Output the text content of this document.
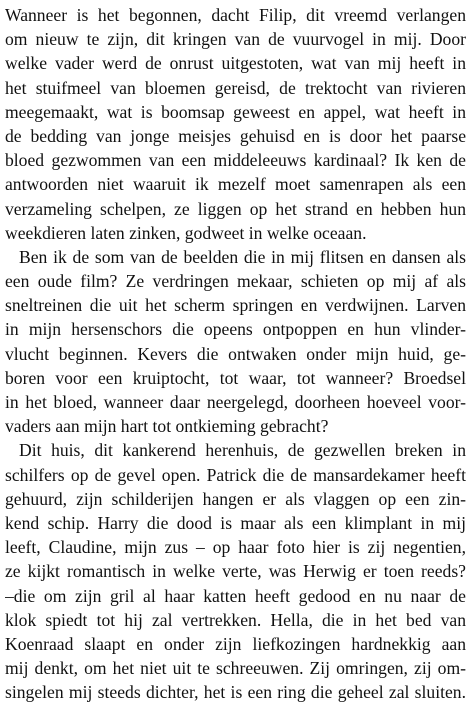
Wanneer is het begonnen, dacht Filip, dit vreemd verlangen
om nieuw te zijn, dit kringen van de vuurvogel in mij. Door
welke vader werd de onrust uitgestoten, wat van mij heeft in
het stuifmeel van bloemen gereisd, de trektocht van rivieren
meegemaakt, wat is boomsap geweest en appel, wat heeft in
de bedding van jonge meisjes gehuisd en is door het paarse
bloed gezwommen van een middeleeuws kardinaal? Ik ken de
antwoorden niet waaruit ik mezelf moet samenrapen als een
verzameling schelpen, ze liggen op het strand en hebben hun
weekdieren laten zinken, godweet in welke oceaan.
Ben ik de som van de beelden die in mij flitsen en dansen als
een oude film? Ze verdringen mekaar, schieten op mij af als
sneltreinen die uit het scherm springen en verdwijnen. Larven
in mijn hersenschors die opeens ontpoppen en hun vlinder-
vlucht beginnen. Kevers die ontwaken onder mijn huid, ge-
boren voor een kruiptocht, tot waar, tot wanneer? Broedsel
in het bloed, wanneer daar neergelegd, doorheen hoeveel voor-
vaders aan mijn hart tot ontkieming gebracht?
Dit huis, dit kankerend herenhuis, de gezwellen breken in
schilfers op de gevel open. Patrick die de mansardekamer heeft
gehuurd, zijn schilderijen hangen er als vlaggen op een zin-
kend schip. Harry die dood is maar als een klimplant in mij
leeft, Claudine, mijn zus – op haar foto hier is zij negentien,
ze kijkt romantisch in welke verte, was Herwig er toen reeds?
–die om zijn gril al haar katten heeft gedood en nu naar de
klok spiedt tot hij zal vertrekken. Hella, die in het bed van
Koenraad slaapt en onder zijn liefkozingen hardnekkig aan
mij denkt, om het niet uit te schreeuwen. Zij omringen, zij om-
singelen mij steeds dichter, het is een ring die geheel zal sluiten.
